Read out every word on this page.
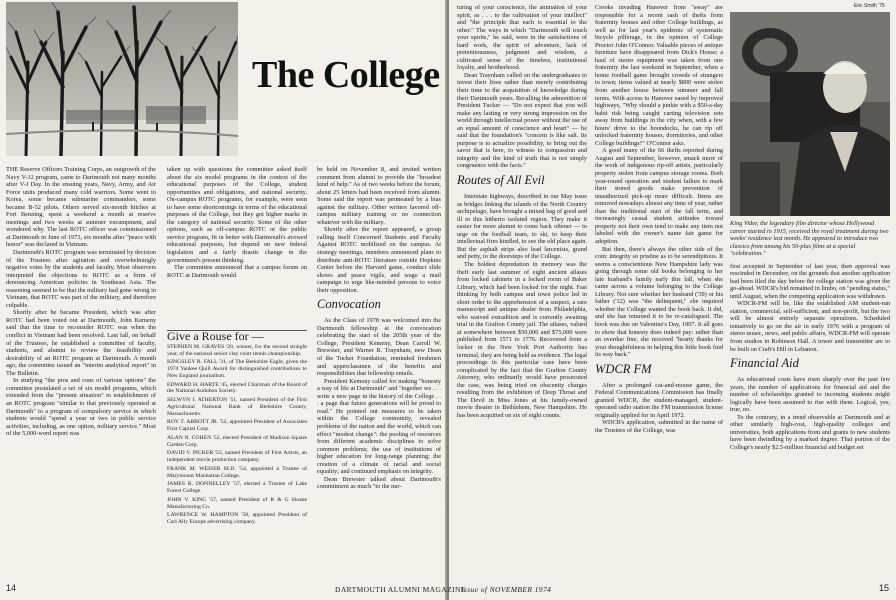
The College

THE Reserve Officers Training Corps, an outgrowth of the Navy V-12 program, came to Dartmouth not many months after V-J Day. In the ensuing years, Navy, Army, and Air Force units produced many cold warriors. Some went to Korea, some became submarine commanders, some became B-52 pilots. Others served six-month hitches at Fort Benning, spent a weekend a month at reserve meetings and two weeks at summer encampment, and wondered why. The last ROTC officer was commissioned at Dartmouth in June of 1973, six months after "peace with honor" was declared in Vietnam.

Dartmouth's ROTC program was terminated by decision of the Trustees after agitation and overwhelmingly negative votes by the students and faculty. Most observers interpreted the objections to ROTC as a form of denouncing American policies in Southeast Asia. The reasoning seemed to be that the military had gone wrong in Vietnam, that ROTC was part of the military, and therefore culpable.

Shortly after he became President, which was after ROTC had been voted out at Dartmouth, John Kemeny said that the time to reconsider ROTC was when the conflict in Vietnam had been resolved. Last fall, on behalf of the Trustees, he established a committee of faculty, students, and alumni to review the feasibility and desirability of an ROTC program at Dartmouth. A month ago, the committee issued an "interim analytical report" in The Bulletin.

In studying "the pros and cons of various options" the committee postulated a set of six model programs, which extended from the "present situation" to establishment of an ROTC program "similar to that previously operated at Dartmouth" to a program of compulsory service in which students would "spend a year or two in public service activities, including, as one option, military service." Most of the 5,000-word report was

taken up with questions the committee asked itself about the six model programs in the context of the educational purposes of the College, student opportunities and obligations, and national security. On-campus ROTC programs, for example, were seen to have some shortcomings in terms of the educational purposes of the College, but they got higher marks in the category of national security. Some of the other options, such as off-campus ROTC or the public service program, fit in better with Dartmouth's avowed educational purposes, but depend on new federal legislation and a fairly drastic change in the government's present thinking.

The committee announced that a campus forum on ROTC at Dartmouth would

Give a Rouse for —

STEPHEN M. GRAVES '20, winner, for the second straight year, of the national senior clay court tennis championship.

KINGSLEY R. FALL '31, of The Berkshire Eagle, given the 1974 Yankee Quill Award for distinguished contributions to New England journalism.

EDWARD H. HARTE '45, elected Chairman of the Board of the National Audubon Society.

SELWYN I. ATHERTON '51, named President of the First Agricultural National Bank of Berkshire County, Massachusetts.

ROY T. ABBOTT JR. '52, appointed President of Associates First Capital Corp.

ALAN N. COHEN '52, elected President of Madison Square Garden Corp.

DAVID V. PICKER '53, named President of First Artists, an independent movie production company.

FRANK M. WEISER M.D. '54, appointed a Trustee of Marymount Manhattan College.

JAMES R. DONNELLEY '57, elected a Trustee of Lake Forest College.

JOHN V. KING '57, named President of R & G Sloane Manufacturing Co.

LAWRENCE W. HAMPTON '58, appointed President of Carl Ally Europe advertising company.

be held on November 8, and invited written comment from alumni to provide the "broadest kind of help." As of two weeks before the forum, about 25 letters had been received from alumni. Some said the report was permeated by a bias against the military. Other writers favored off-campus military training or no connection whatever with the military.

Shortly after the report appeared, a group calling itself Concerned Students and Faculty Against ROTC mobilized on the campus. At strategy meetings, members announced plans to distribute anti-ROTC literature outside Hopkins Center before the Harvard game, conduct slide shows and peace vigils, and wage a mail campaign to urge like-minded persons to voice their opposition.

Convocation

As the Class of 1978 was welcomed into the Dartmouth fellowship at the convocation celebrating the start of the 205th year of the College, President Kemeny, Dean Carroll W. Brewster, and Warner R. Traynham, new Dean of the Tucker Foundation, reminded freshmen and upperclassmen of the benefits and responsibilities that fellowship entails.

President Kemeny called for making "honesty a way of life at Dartmouth" and "together we . . . write a new page in the history of the College . . . a page that future generations will be proud to read." He pointed out measures to be taken within the College community, revealed problems of the nation and the world, which can effect "modest change": the pooling of resources from different academic disciplines to solve common problems; the use of institutions of higher education for long-range planning; the creation of a climate of racial and social equality; and continued emphasis on integrity.

Dean Brewster talked about Dartmouth's commitment as much "to the nur-

14
Eric Smith '75

turing of your conscience, the animation of your spirit, as . . . to the cultivation of your intellect" and "the principle that each is essential to the other." The ways in which "Dartmouth will touch your spirits," he said, were in the satisfactions of hard work, the spirit of adventure, lack of pretentiousness, judgment and wisdom, a cultivated sense of the timeless, institutional loyalty, and brotherhood.

Dean Traynham called on the undergraduates to invest their lives rather than merely contributing their time to the acquisition of knowledge during their Dartmouth years. Recalling the admonition of President Tucker — "Do not expect that you will make any lasting or very strong impression on the world through intellectual power without the use of an equal amount of conscience and heart" — he said that the foundation's "concern is like salt. Its purpose is to actualize possibility, to bring out the savor that is here, to witness to compassion and integrity and the kind of truth that is not simply congruence with the facts."

Routes of All Evil

Interstate highways, described in our May issue as bridges linking the islands of the North Country archipelago, have brought a mixed bag of good and ill to this hitherto isolated region. They make it easier for more alumni to come back oftener — to urge on the football team, to ski, to keep their intellectual fires kindled, to see the old place again. But the asphalt strips also lead larcenists, grand and petty, to the doorsteps of the College.

The boldest depredation in memory was the theft early last summer of eight ancient atlases from locked cabinets in a locked room of Baker Library, which had been locked for the night. Fast thinking by both campus and town police led in short order to the apprehension of a suspect, a rare manuscript and antique dealer from Philadelphia, who waived extradition and is currently awaiting trial in the Grafton County jail. The atlases, valued at somewhere between $50,000 and $75,000 were published from 1571 to 1776. Recovered from a locker in the New York Port Authority bus terminal, they are being held as evidence. The legal proceedings in this particular case have been complicated by the fact that the Grafton County Attorney, who ordinarily would have prosecuted the case, was being tried on obscenity charges resulting from the exhibition of Deep Throat and The Devil in Miss Jones at his family-owned movie theater in Bethlehem, New Hampshire. He has been acquitted on six of eight counts.

Crooks invading Hanover from "away" are responsible for a recent rash of thefts from fraternity houses and other College buildings, as well as for last year's epidemic of systematic bicycle pilferage, in the opinion of College Proctor John O'Connor. Valuable pieces of antique furniture have disappeared from Dick's House; a haul of stereo equipment was taken from one fraternity the last weekend in September, when a home football game brought crowds of strangers to town; items valued at nearly $800 were stolen from another house between summer and fall terms. With access to Hanover eased by improved highways, "Why should a junkie with a $50-a-day habit risk being caught carting television sets away from buildings in the city when, with a few hours' drive to the boondocks, he can rip off unlocked fraternity houses, dormitories, and other College buildings?" O'Connor asks.

A good many of the 66 thefts reported during August and September, however, smack more of the work of indigenous rip-off artists, particularly property stolen from campus storage rooms. Both year-round operation and student failure to mark their stored goods make prevention of unauthorized pick-up more difficult. Items are removed nowadays almost any time of year, rather than the traditional start of the fall term, and increasingly casual student attitudes toward property not their own tend to make any item not labeled with the owner's name fair game for adoption.

But then, there's always the other side of the coin: integrity so pristine as to be serendipitous. It seems a conscientious New Hampshire lady was going through some old books belonging to her late husband's family early this fall, when she came across a volume belonging to the College Library. Not sure whether her husband ('39) or his father ('12) was "the delinquent," she inquired whether the College wanted the book back. It did, and she has returned it to be re-catalogued. The book was due on Valentine's Day, 1907. It all goes to show that honesty does indeed pay: rather than an overdue fine, she received "hearty thanks for your thoughtfulness in helping this little book find its way back."

WDCR FM

After a prolonged cat-and-mouse game, the Federal Communications Commission has finally granted WDCR, the student-managed, student-operated radio station the FM transmission license originally applied for in April 1972.

WDCR's application, submitted in the name of the Trustees of the College, was

King Vidor, the legendary film director whose Hollywood career started in 1915, received the royal treatment during two weeks' residence last month. He appeared to introduce two classics from among his 50-plus films at a special "celebration."

first accepted in September of last year, then approval was rescinded in December, on the grounds that another application had been filed the day before the college station was given the go-ahead. WDCR's bid remained in limbo, on "pending status," until August, when the competing application was withdrawn.

WDCR-FM will be, like the established AM student-run station, commercial, self-sufficient, and non-profit, but the two will be almost entirely separate operations. Scheduled tentatively to go on the air in early 1976 with a program of stereo music, news, and public affairs, WDCR-FM will operate from studios in Robinson Hall. A tower and transmitter are to be built on Craft's Hill in Lebanon.

Financial Aid

As educational costs have risen sharply over the past few years, the number of applications for financial aid and the number of scholarships granted to incoming students might logically have been assumed to rise with them. Logical, yes; true, no.

To the contrary, in a trend observable at Dartmouth and at other similarly high-cost, high-quality colleges and universities, both applications from and grants to new students have been dwindling by a marked degree. That portion of the College's nearly $2.5-million financial aid budget set

Issue of NOVEMBER 1974	15
DARTMOUTH ALUMNI MAGAZINE
